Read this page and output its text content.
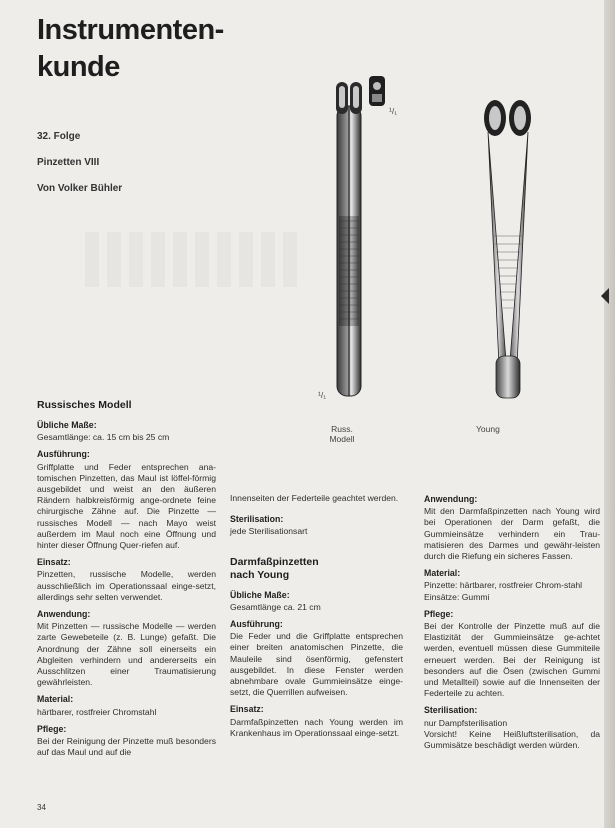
Instrumenten-
kunde
32. Folge
Pinzetten VIII
Von Volker Bühler
¹/₁
¹/₁
Russ.
Modell
Young
Russisches Modell
Übliche Maße:

Gesamtlänge: ca. 15 cm bis 25 cm

Ausführung:

Griffplatte und Feder entsprechen ana-tomischen Pinzetten, das Maul ist löffel-förmig ausgebildet und weist an den äußeren Rändern halbkreisförmig ange-ordnete feine chirurgische Zähne auf. Die Pinzette — russisches Modell — nach Mayo weist außerdem im Maul noch eine Öffnung und hinter dieser Öffnung Quer-riefen auf.

Einsatz:

Pinzetten, russische Modelle, werden ausschließlich im Operationssaal einge-setzt, allerdings sehr selten verwendet.

Anwendung:

Mit Pinzetten — russische Modelle — werden zarte Gewebeteile (z. B. Lunge) gefaßt. Die Anordnung der Zähne soll einerseits ein Abgleiten verhindern und andererseits ein Ausschlitzen einer Traumatisierung gewährleisten.

Material:

härtbarer, rostfreier Chromstahl

Pflege:

Bei der Reinigung der Pinzette muß besonders auf das Maul und auf die

Innenseiten der Federteile geachtet werden.

Sterilisation:

jede Sterilisationsart

Darmfaßpinzetten
nach Young
Übliche Maße:

Gesamtlänge ca. 21 cm

Ausführung:

Die Feder und die Griffplatte entsprechen einer breiten anatomischen Pinzette, die Mauleile sind ösenförmig, gefenstert ausgebildet. In diese Fenster werden abnehmbare ovale Gummieinsätze einge-setzt, die Querrillen aufweisen.

Einsatz:

Darmfaßpinzetten nach Young werden im Krankenhaus im Operationssaal einge-setzt.

Anwendung:

Mit den Darmfaßpinzetten nach Young wird bei Operationen der Darm gefaßt, die Gummieinsätze verhindern ein Trau-matisieren des Darmes und gewähr-leisten durch die Riefung ein sicheres Fassen.

Material:

Pinzette: härtbarer, rostfreier Chrom-stahl

Einsätze: Gummi

Pflege:

Bei der Kontrolle der Pinzette muß auf die Elastizität der Gummieinsätze ge-achtet werden, eventuell müssen diese Gummiteile erneuert werden. Bei der Reinigung ist besonders auf die Ösen (zwischen Gummi und Metallteil) sowie auf die Innenseiten der Federteile zu achten.

Sterilisation:

nur Dampfsterilisation

Vorsicht! Keine Heißluftsterilisation, da Gummisätze beschädigt werden würden.

34
